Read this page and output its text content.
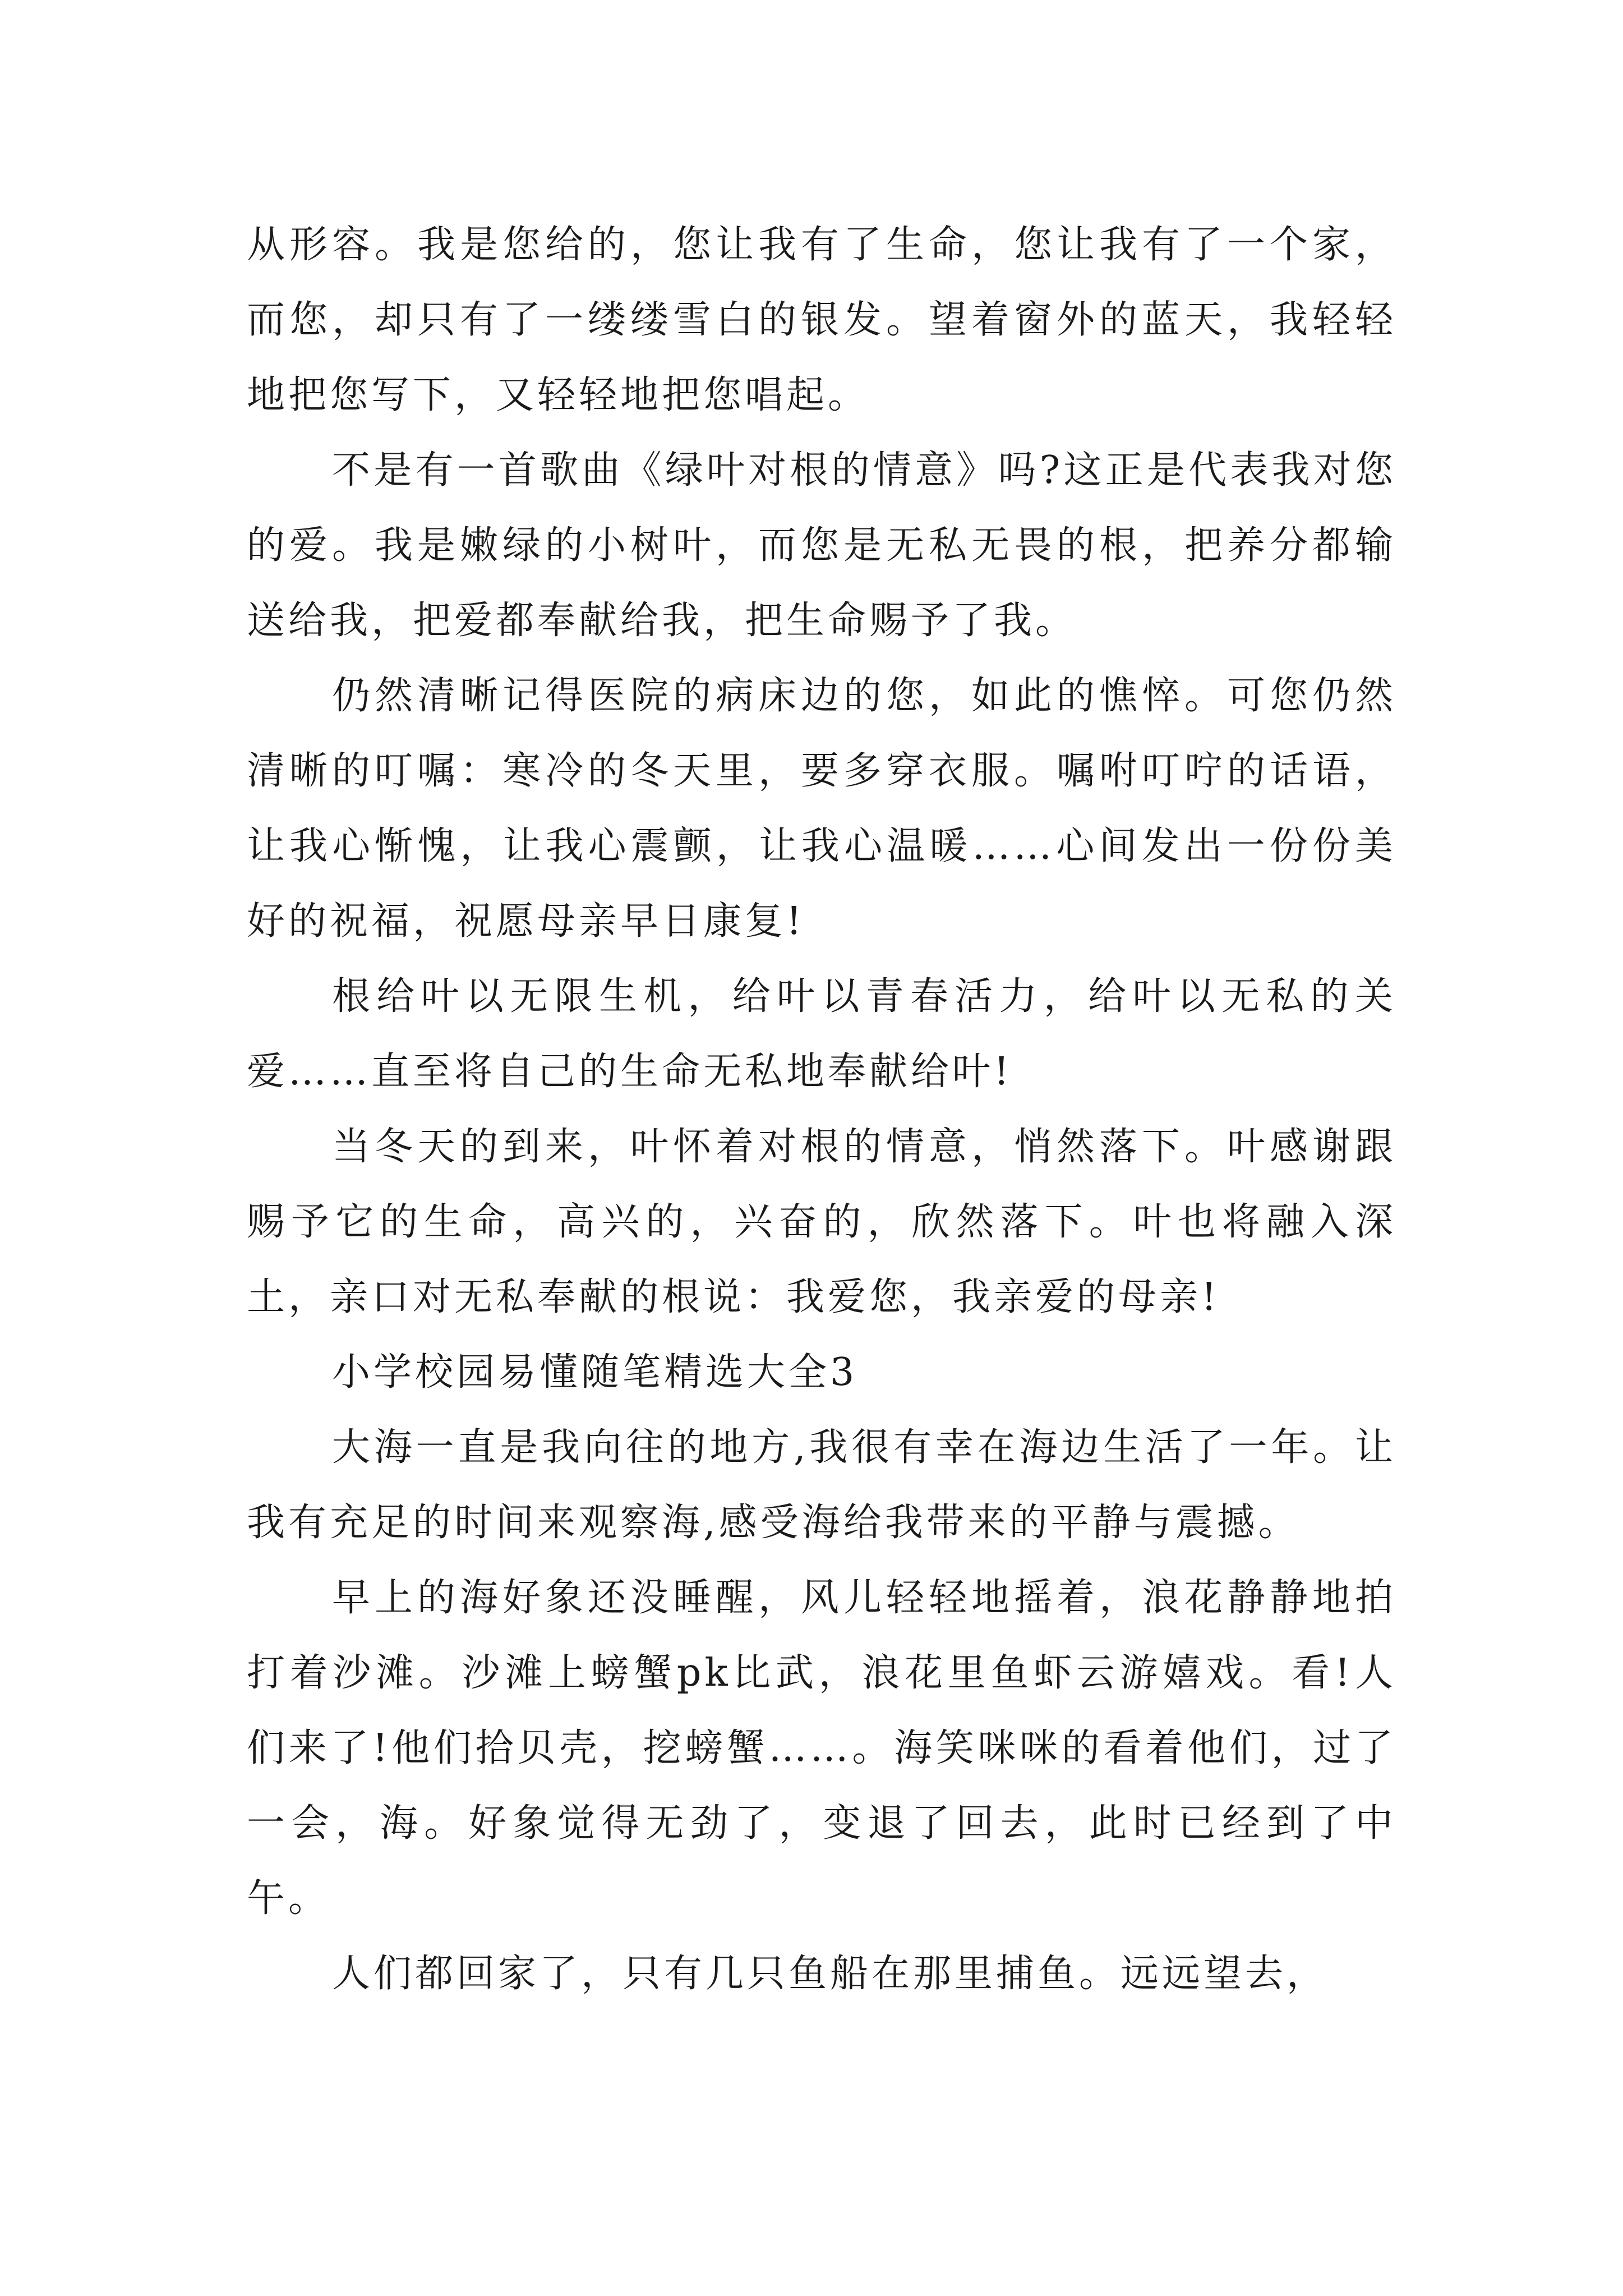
从形容。我是您给的，您让我有了生命，您让我有了一个家，而您，却只有了一缕缕雪白的银发。望着窗外的蓝天，我轻轻地把您写下，又轻轻地把您唱起。

不是有一首歌曲《绿叶对根的情意》吗?这正是代表我对您的爱。我是嫩绿的小树叶，而您是无私无畏的根，把养分都输送给我，把爱都奉献给我，把生命赐予了我。

仍然清晰记得医院的病床边的您，如此的憔悴。可您仍然清晰的叮嘱：寒冷的冬天里，要多穿衣服。嘱咐叮咛的话语，让我心惭愧，让我心震颤，让我心温暖……心间发出一份份美好的祝福，祝愿母亲早日康复!

根给叶以无限生机，给叶以青春活力，给叶以无私的关爱……直至将自己的生命无私地奉献给叶!

当冬天的到来，叶怀着对根的情意，悄然落下。叶感谢跟赐予它的生命，高兴的，兴奋的，欣然落下。叶也将融入深土，亲口对无私奉献的根说：我爱您，我亲爱的母亲!

小学校园易懂随笔精选大全3

大海一直是我向往的地方,我很有幸在海边生活了一年。让我有充足的时间来观察海,感受海给我带来的平静与震撼。

早上的海好象还没睡醒，风儿轻轻地摇着，浪花静静地拍打着沙滩。沙滩上螃蟹pk比武，浪花里鱼虾云游嬉戏。看!人们来了!他们拾贝壳，挖螃蟹……。海笑咪咪的看着他们，过了一会，海。好象觉得无劲了，变退了回去，此时已经到了中午。

人们都回家了，只有几只鱼船在那里捕鱼。远远望去，
